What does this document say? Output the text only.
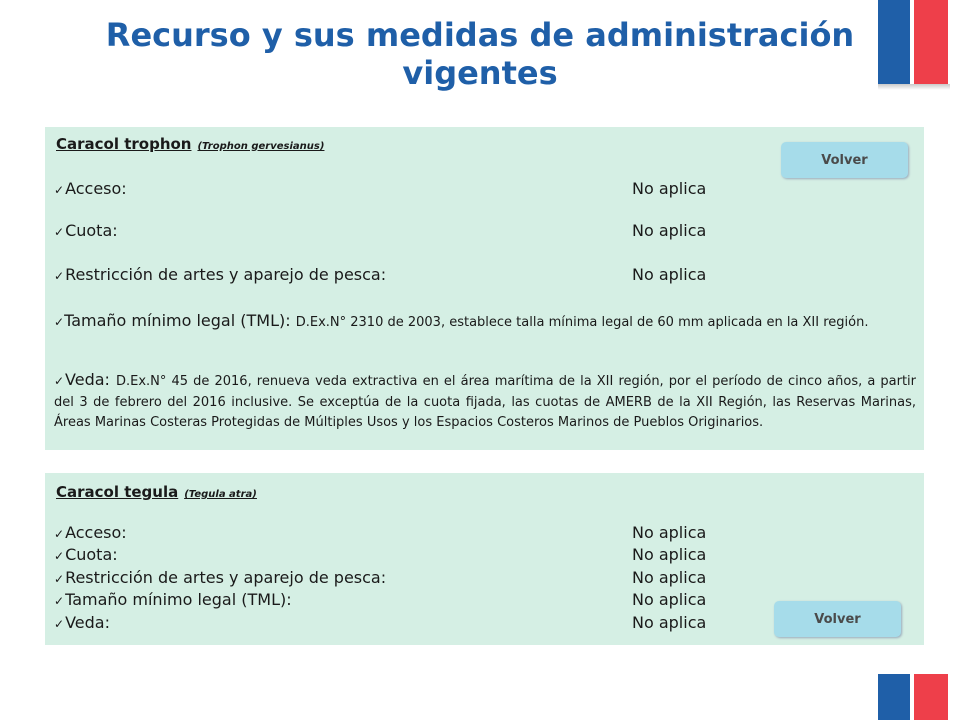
Recurso y sus medidas de administración vigentes
Caracol trophon (Trophon gervesianus)
Volver
✓Acceso:	No aplica
✓Cuota:	No aplica
✓Restricción de artes y aparejo de pesca:	No aplica
✓Tamaño mínimo legal (TML): D.Ex.N° 2310 de 2003, establece talla mínima legal de 60 mm aplicada en la XII región.
✓Veda: D.Ex.N° 45 de 2016, renueva veda extractiva en el área marítima de la XII región, por el período de cinco años, a partir del 3 de febrero del 2016 inclusive. Se exceptúa de la cuota fijada, las cuotas de AMERB de la XII Región, las Reservas Marinas, Áreas Marinas Costeras Protegidas de Múltiples Usos y los Espacios Costeros Marinos de Pueblos Originarios.
Caracol tegula (Tegula atra)
✓Acceso:	No aplica
✓Cuota:	No aplica
✓Restricción de artes y aparejo de pesca:	No aplica
✓Tamaño mínimo legal (TML):	No aplica
✓Veda:	No aplica	Volver
